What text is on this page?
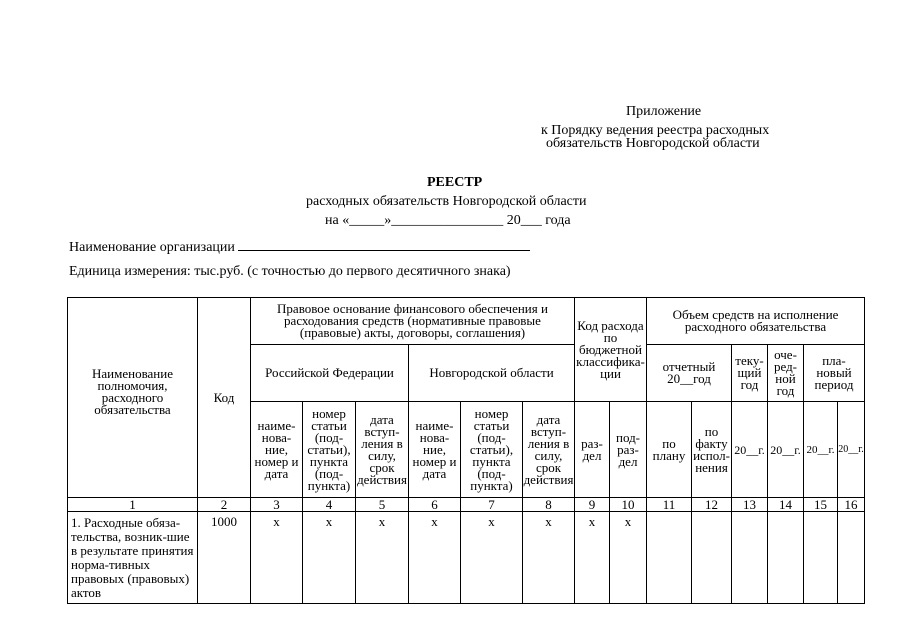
Приложение
к Порядку ведения реестра расходных
обязательств Новгородской области
РЕЕСТР
расходных обязательств Новгородской области
на «_____»________________ 20___ года
Наименование организации
Единица измерения: тыс.руб. (с точностью до первого десятичного знака)
Наименование полномочия, расходного обязательства	Код	Правовое основание финансового обеспечения и расходования средств (нормативные правовые (правовые) акты, договоры, соглашения)						Код расхода по бюджетной классифика-ции		Объем средств на исполнение расходного обязательства					
		Российской Федерации			Новгородской области					отчетный 20__год		теку-щий год	оче-ред-ной год	пла-новый период	
		наиме-нова-ние, номер и дата	номер статьи (под-статьи), пункта (под-пункта)	дата вступ-ления в силу, срок действия	наиме-нова-ние, номер и дата	номер статьи (под-статьи), пункта (под-пункта)	дата вступ-ления в силу, срок действия	раз-дел	под-раз-дел	по плану	по факту испол-нения	20__г.	20__г.	20__г.	20__г.
1	2	3	4	5	6	7	8	9	10	11	12	13	14	15	16
1. Расходные обяза-тельства, возник-шие в результате принятия норма-тивных правовых (правовых) актов	1000	х	х	х	х	х	х	х	х						
